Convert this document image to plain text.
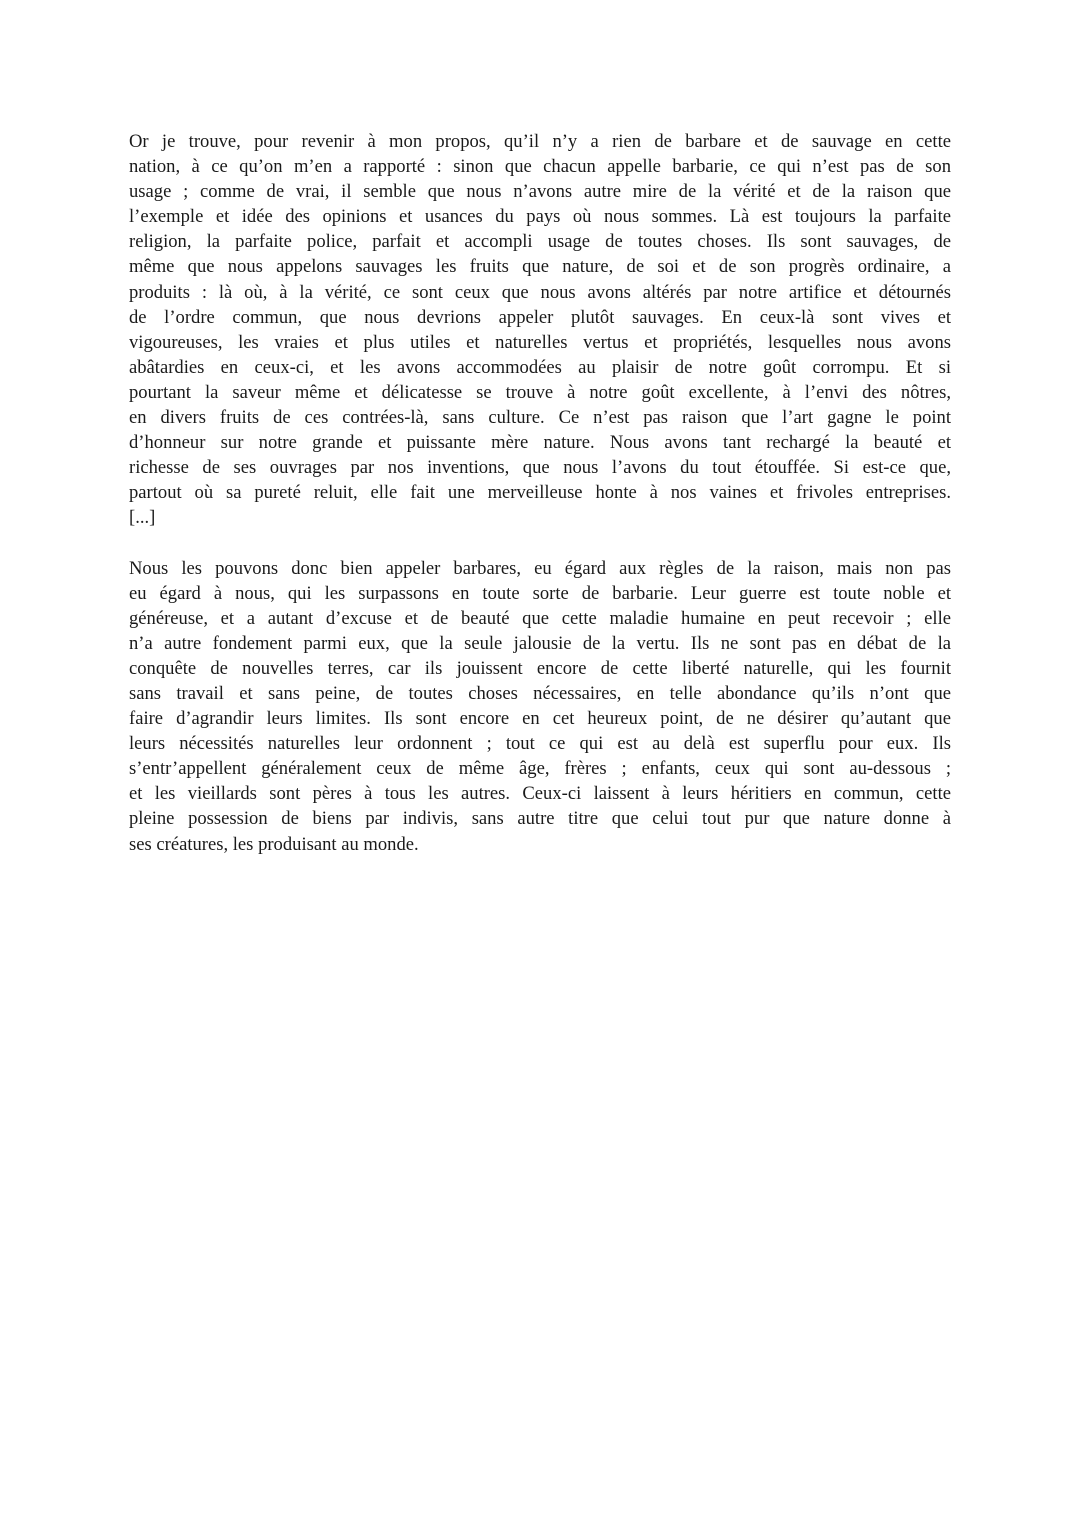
Or je trouve, pour revenir à mon propos, qu’il n’y a rien de barbare et de sauvage en cette
nation, à ce qu’on m’en a rapporté : sinon que chacun appelle barbarie, ce qui n’est pas de son
usage ; comme de vrai, il semble que nous n’avons autre mire de la vérité et de la raison que
l’exemple et idée des opinions et usances du pays où nous sommes. Là est toujours la parfaite
religion, la parfaite police, parfait et accompli usage de toutes choses. Ils sont sauvages, de
même que nous appelons sauvages les fruits que nature, de soi et de son progrès ordinaire, a
produits : là où, à la vérité, ce sont ceux que nous avons altérés par notre artifice et détournés
de l’ordre commun, que nous devrions appeler plutôt sauvages. En ceux-là sont vives et
vigoureuses, les vraies et plus utiles et naturelles vertus et propriétés, lesquelles nous avons
abâtardies en ceux-ci, et les avons accommodées au plaisir de notre goût corrompu. Et si
pourtant la saveur même et délicatesse se trouve à notre goût excellente, à l’envi des nôtres,
en divers fruits de ces contrées-là, sans culture. Ce n’est pas raison que l’art gagne le point
d’honneur sur notre grande et puissante mère nature. Nous avons tant rechargé la beauté et
richesse de ses ouvrages par nos inventions, que nous l’avons du tout étouffée. Si est-ce que,
partout où sa pureté reluit, elle fait une merveilleuse honte à nos vaines et frivoles entreprises.
[...]
Nous les pouvons donc bien appeler barbares, eu égard aux règles de la raison, mais non pas
eu égard à nous, qui les surpassons en toute sorte de barbarie. Leur guerre est toute noble et
généreuse, et a autant d’excuse et de beauté que cette maladie humaine en peut recevoir ; elle
n’a autre fondement parmi eux, que la seule jalousie de la vertu. Ils ne sont pas en débat de la
conquête de nouvelles terres, car ils jouissent encore de cette liberté naturelle, qui les fournit
sans travail et sans peine, de toutes choses nécessaires, en telle abondance qu’ils n’ont que
faire d’agrandir leurs limites. Ils sont encore en cet heureux point, de ne désirer qu’autant que
leurs nécessités naturelles leur ordonnent ; tout ce qui est au delà est superflu pour eux. Ils
s’entr’appellent généralement ceux de même âge, frères ; enfants, ceux qui sont au-dessous ;
et les vieillards sont pères à tous les autres. Ceux-ci laissent à leurs héritiers en commun, cette
pleine possession de biens par indivis, sans autre titre que celui tout pur que nature donne à
ses créatures, les produisant au monde.
